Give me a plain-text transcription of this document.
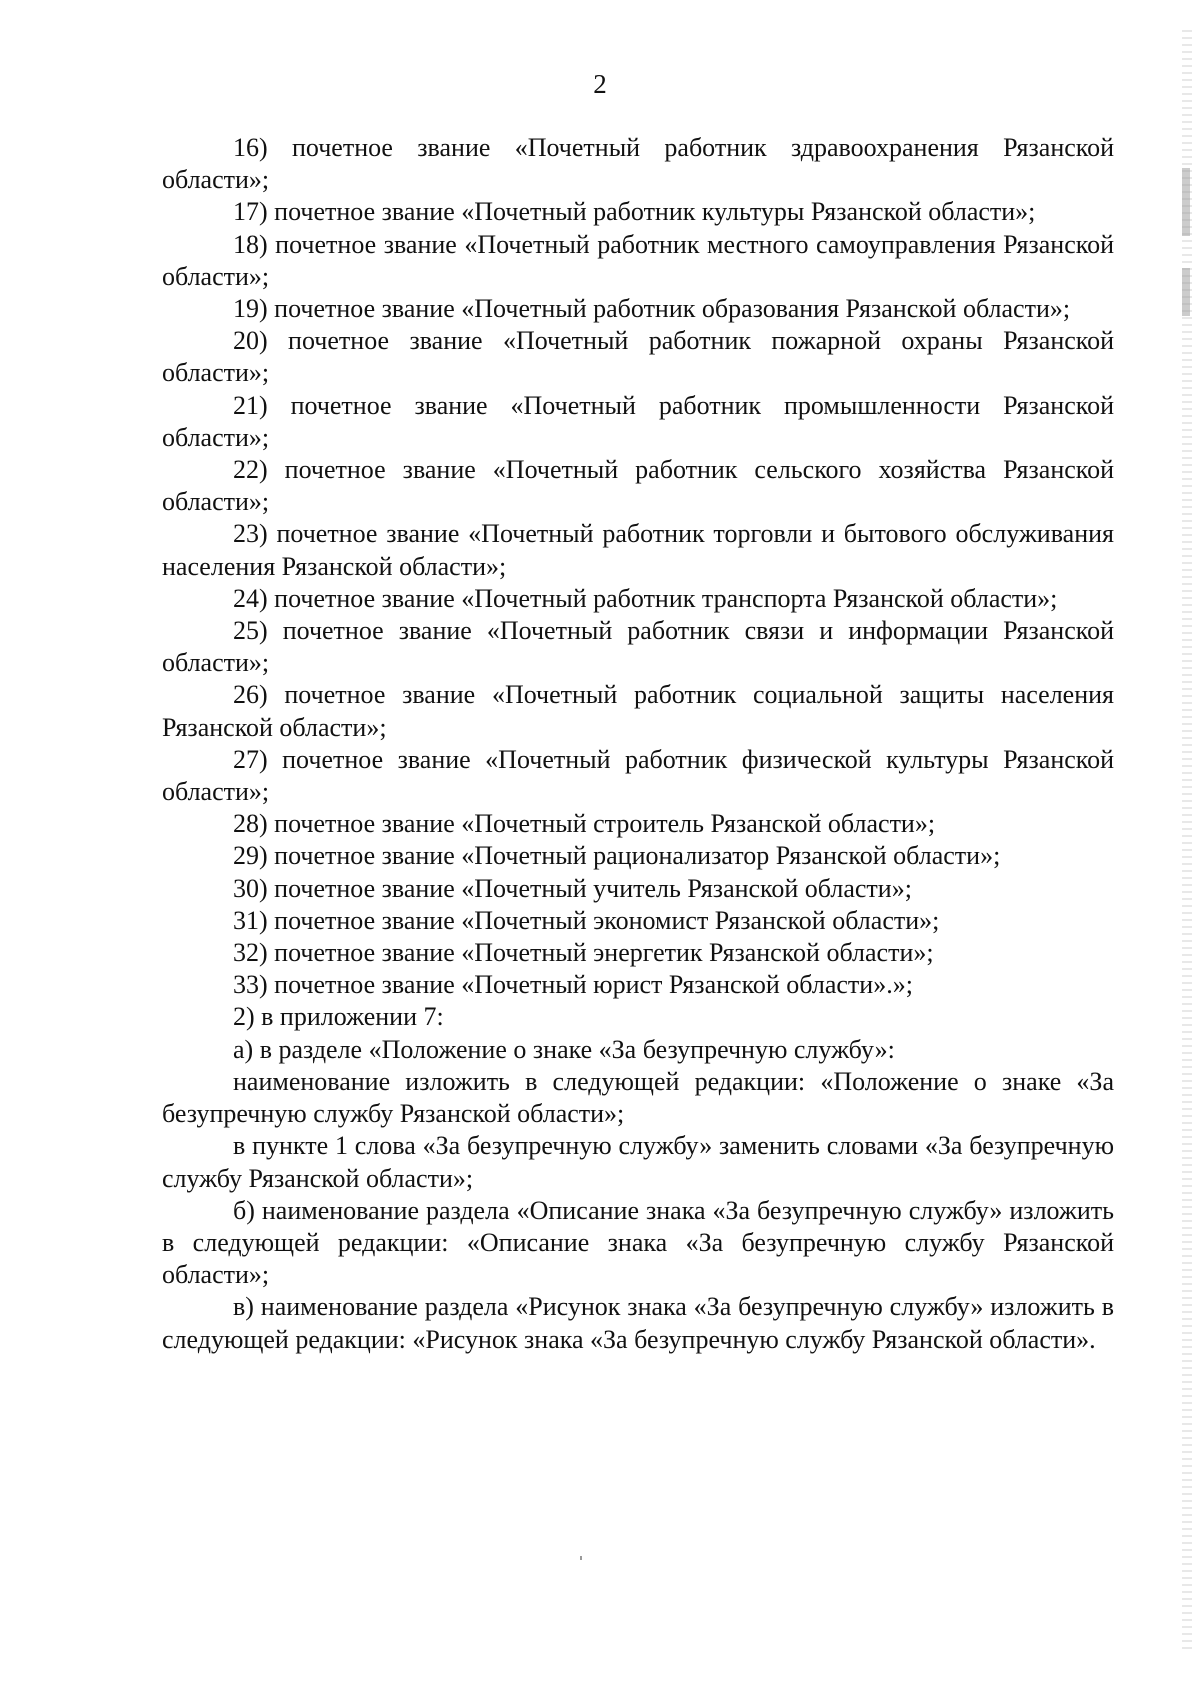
2

16) почетное звание «Почетный работник здравоохранения Рязанской области»;

17) почетное звание «Почетный работник культуры Рязанской области»;

18) почетное звание «Почетный работник местного самоуправления Рязанской области»;

19) почетное звание «Почетный работник образования Рязанской области»;

20) почетное звание «Почетный работник пожарной охраны Рязанской области»;

21) почетное звание «Почетный работник промышленности Рязанской области»;

22) почетное звание «Почетный работник сельского хозяйства Рязанской области»;

23) почетное звание «Почетный работник торговли и бытового обслуживания населения Рязанской области»;

24) почетное звание «Почетный работник транспорта Рязанской области»;

25) почетное звание «Почетный работник связи и информации Рязанской области»;

26) почетное звание «Почетный работник социальной защиты населения Рязанской области»;

27) почетное звание «Почетный работник физической культуры Рязанской области»;

28) почетное звание «Почетный строитель Рязанской области»;

29) почетное звание «Почетный рационализатор Рязанской области»;

30) почетное звание «Почетный учитель Рязанской области»;

31) почетное звание «Почетный экономист Рязанской области»;

32) почетное звание «Почетный энергетик Рязанской области»;

33) почетное звание «Почетный юрист Рязанской области».»;

2) в приложении 7:

а) в разделе «Положение о знаке «За безупречную службу»:

наименование изложить в следующей редакции: «Положение о знаке «За безупречную службу Рязанской области»;

в пункте 1 слова «За безупречную службу» заменить словами «За безупречную службу Рязанской области»;

б) наименование раздела «Описание знака «За безупречную службу» изложить в следующей редакции: «Описание знака «За безупречную службу Рязанской области»;

в) наименование раздела «Рисунок знака «За безупречную службу» изложить в следующей редакции: «Рисунок знака «За безупречную службу Рязанской области».
